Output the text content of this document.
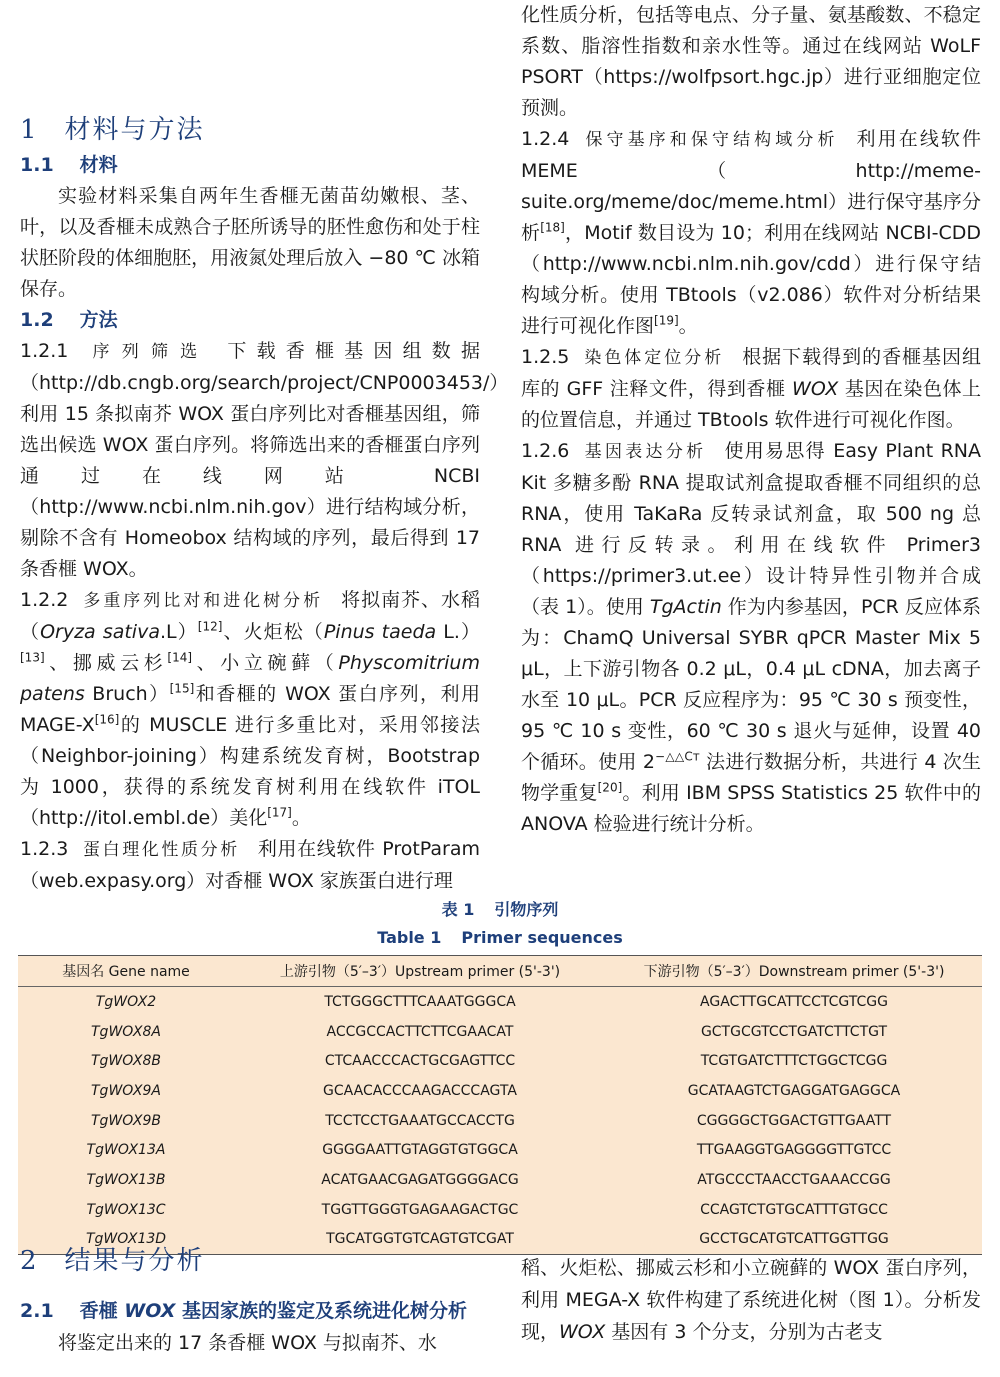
1 材料与方法

1.1 材料

实验材料采集自两年生香榧无菌苗幼嫩根、茎、叶，以及香榧未成熟合子胚所诱导的胚性愈伤和处于柱状胚阶段的体细胞胚，用液氮处理后放入 −80 ℃ 冰箱保存。

1.2 方法

1.2.1 序列筛选 下载香榧基因组数据（http://db.cngb.org/search/project/CNP0003453/）利用 15 条拟南芥 WOX 蛋白序列比对香榧基因组，筛选出候选 WOX 蛋白序列。将筛选出来的香榧蛋白序列通过在线网站 NCBI（http://www.ncbi.nlm.nih.gov）进行结构域分析，剔除不含有 Homeobox 结构域的序列，最后得到 17 条香榧 WOX。

1.2.2 多重序列比对和进化树分析 将拟南芥、水稻（Oryza sativa.L）[12]、火炬松（Pinus taeda L.）[13]、挪威云杉[14]、小立碗藓（Physcomitrium patens Bruch）[15]和香榧的 WOX 蛋白序列，利用 MAGE-X[16]的 MUSCLE 进行多重比对，采用邻接法（Neighbor-joining）构建系统发育树，Bootstrap 为 1000，获得的系统发育树利用在线软件 iTOL（http://itol.embl.de）美化[17]。

1.2.3 蛋白理化性质分析 利用在线软件 ProtParam（web.expasy.org）对香榧 WOX 家族蛋白进行理

化性质分析，包括等电点、分子量、氨基酸数、不稳定系数、脂溶性指数和亲水性等。通过在线网站 WoLF PSORT（https://wolfpsort.hgc.jp）进行亚细胞定位预测。

1.2.4 保守基序和保守结构域分析 利用在线软件 MEME（http://meme-suite.org/meme/doc/meme.html）进行保守基序分析[18]，Motif 数目设为 10；利用在线网站 NCBI-CDD（http://www.ncbi.nlm.nih.gov/cdd）进行保守结构域分析。使用 TBtools（v2.086）软件对分析结果进行可视化作图[19]。

1.2.5 染色体定位分析 根据下载得到的香榧基因组库的 GFF 注释文件，得到香榧 WOX 基因在染色体上的位置信息，并通过 TBtools 软件进行可视化作图。

1.2.6 基因表达分析 使用易思得 Easy Plant RNA Kit 多糖多酚 RNA 提取试剂盒提取香榧不同组织的总 RNA，使用 TaKaRa 反转录试剂盒，取 500 ng 总 RNA 进行反转录。利用在线软件 Primer3（https://primer3.ut.ee）设计特异性引物并合成（表 1）。使用 TgActin 作为内参基因，PCR 反应体系为：ChamQ Universal SYBR qPCR Master Mix 5 μL，上下游引物各 0.2 μL，0.4 μL cDNA，加去离子水至 10 μL。PCR 反应程序为：95 ℃ 30 s 预变性，95 ℃ 10 s 变性，60 ℃ 30 s 退火与延伸，设置 40 个循环。使用 $2^{-\triangle\triangle Cт}$ 法进行数据分析，共进行 4 次生物学重复[20]。利用 IBM SPSS Statistics 25 软件中的 ANOVA 检验进行统计分析。

表 1 引物序列
Table 1 Primer sequences
基因名 Gene name	上游引物（5′–3′）Upstream primer (5'-3')	下游引物（5′–3′）Downstream primer (5'-3')
TgWOX2	TCTGGGCTTTCAAATGGGCA	AGACTTGCATTCCTCGTCGG
TgWOX8A	ACCGCCACTTCTTCGAACAT	GCTGCGTCCTGATCTTCTGT
TgWOX8B	CTCAACCCACTGCGAGTTCC	TCGTGATCTTTCTGGCTCGG
TgWOX9A	GCAACACCCAAGACCCAGTA	GCATAAGTCTGAGGATGAGGCA
TgWOX9B	TCCTCCTGAAATGCCACCTG	CGGGGCTGGACTGTTGAATT
TgWOX13A	GGGGAATTGTAGGTGTGGCA	TTGAAGGTGAGGGGTTGTCC
TgWOX13B	ACATGAACGAGATGGGGACG	ATGCCCTAACCTGAAACCGG
TgWOX13C	TGGTTGGGTGAGAAGACTGC	CCAGTCTGTGCATTTGTGCC
TgWOX13D	TGCATGGTGTCAGTGTCGAT	GCCTGCATGTCATTGGTTGG
2 结果与分析

2.1 香榧 WOX 基因家族的鉴定及系统进化树分析

将鉴定出来的 17 条香榧 WOX 与拟南芥、水

稻、火炬松、挪威云杉和小立碗藓的 WOX 蛋白序列，利用 MEGA-X 软件构建了系统进化树（图 1）。分析发现，WOX 基因有 3 个分支，分别为古老支
